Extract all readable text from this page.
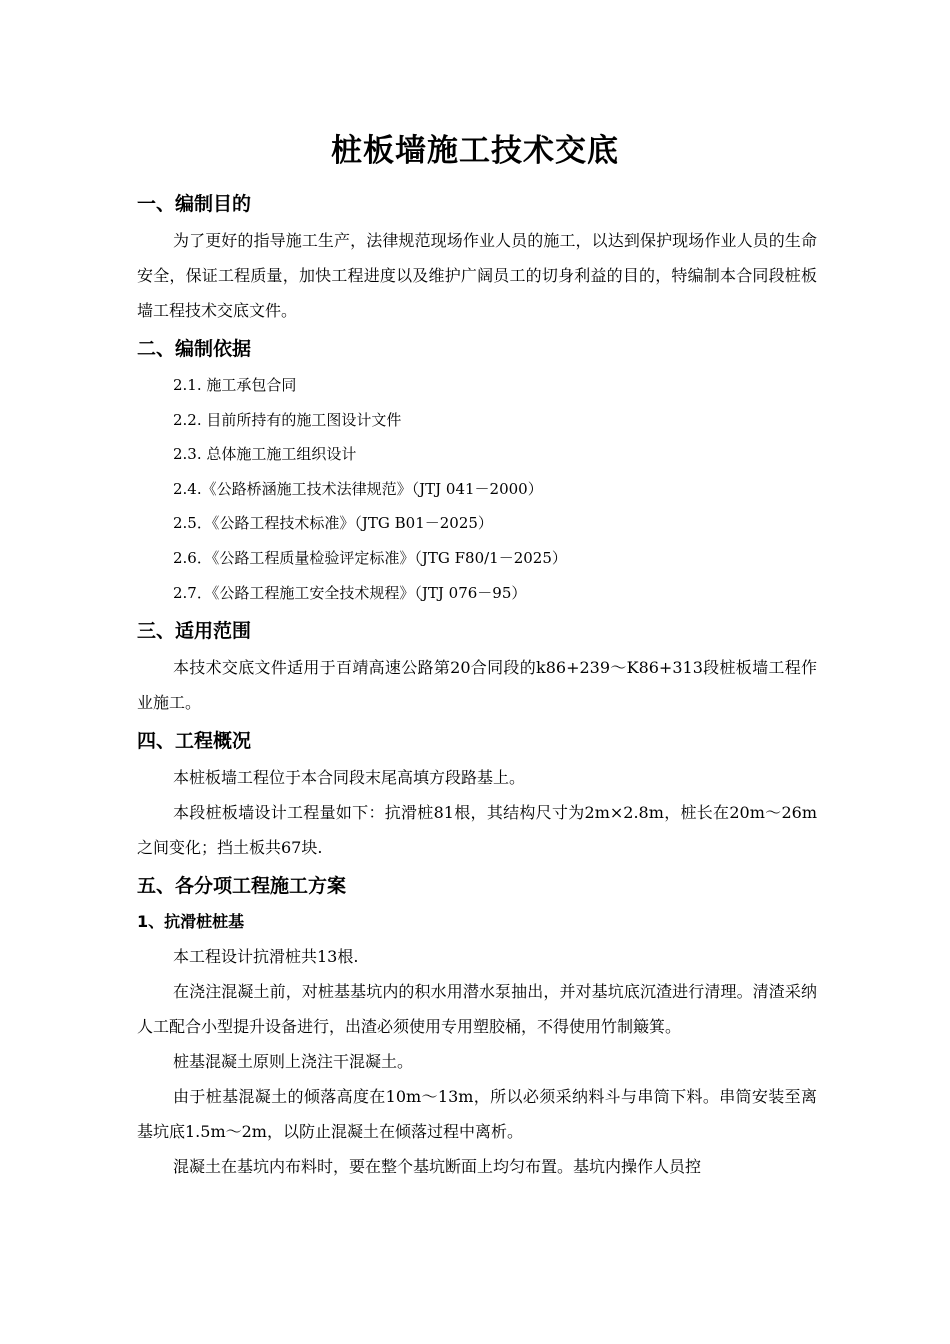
桩板墙施工技术交底
一、编制目的

为了更好的指导施工生产，法律规范现场作业人员的施工，以达到保护现场作业人员的生命安全，保证工程质量，加快工程进度以及维护广阔员工的切身利益的目的，特编制本合同段桩板墙工程技术交底文件。

二、编制依据
2.1. 施工承包合同
2.2. 目前所持有的施工图设计文件
2.3. 总体施工施工组织设计
2.4.《公路桥涵施工技术法律规范》（JTJ 041－2000）
2.5．《公路工程技术标准》（JTG B01－2025）
2.6．《公路工程质量检验评定标准》（JTG F80/1－2025）
2.7．《公路工程施工安全技术规程》（JTJ 076－95）
三、适用范围

本技术交底文件适用于百靖高速公路第20合同段的k86+239～K86+313段桩板墙工程作业施工。

四、工程概况

本桩板墙工程位于本合同段末尾高填方段路基上。

本段桩板墙设计工程量如下：抗滑桩81根，其结构尺寸为2m×2.8m，桩长在20m～26m之间变化；挡土板共67块.

五、各分项工程施工方案
1、抗滑桩桩基

本工程设计抗滑桩共13根.

在浇注混凝土前，对桩基基坑内的积水用潜水泵抽出，并对基坑底沉渣进行清理。清渣采纳人工配合小型提升设备进行，出渣必须使用专用塑胶桶，不得使用竹制簸箕。

桩基混凝土原则上浇注干混凝土。

由于桩基混凝土的倾落高度在10m～13m，所以必须采纳料斗与串筒下料。串筒安装至离基坑底1.5m～2m，以防止混凝土在倾落过程中离析。

混凝土在基坑内布料时，要在整个基坑断面上均匀布置。基坑内操作人员控
